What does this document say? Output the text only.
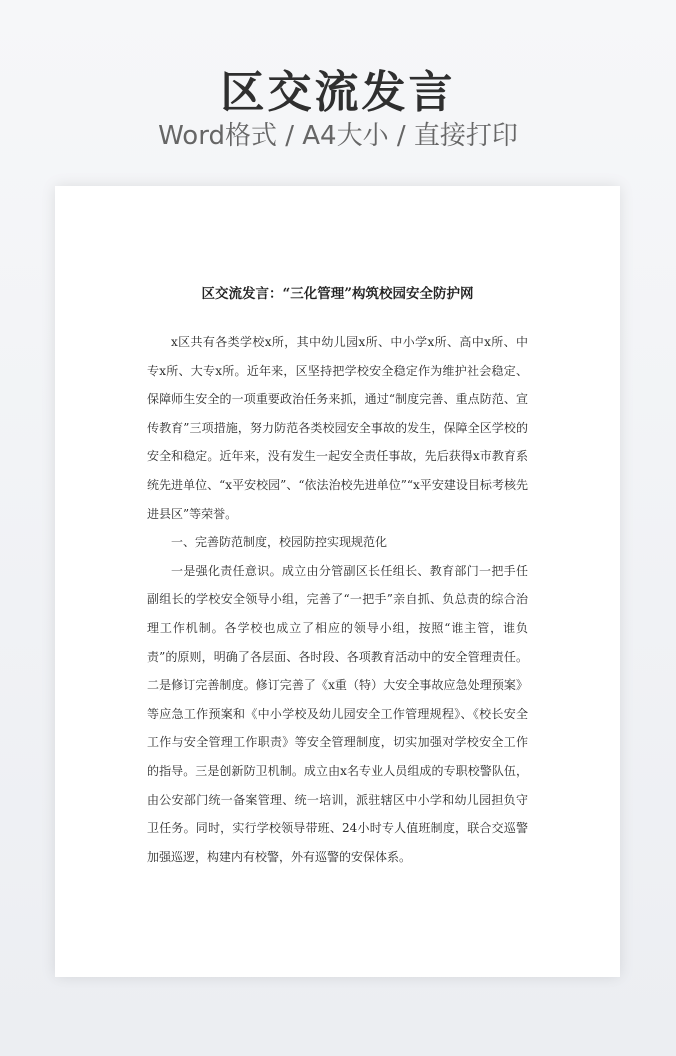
区交流发言
Word格式 / A4大小 / 直接打印
区交流发言：“三化管理”构筑校园安全防护网

x区共有各类学校x所，其中幼儿园x所、中小学x所、高中x所、中专x所、大专x所。近年来，区坚持把学校安全稳定作为维护社会稳定、保障师生安全的一项重要政治任务来抓，通过“制度完善、重点防范、宣传教育”三项措施，努力防范各类校园安全事故的发生，保障全区学校的安全和稳定。近年来，没有发生一起安全责任事故，先后获得x市教育系统先进单位、“x平安校园”、“依法治校先进单位”“x平安建设目标考核先进县区”等荣誉。

一、完善防范制度，校园防控实现规范化

一是强化责任意识。成立由分管副区长任组长、教育部门一把手任副组长的学校安全领导小组，完善了“一把手”亲自抓、负总责的综合治理工作机制。各学校也成立了相应的领导小组，按照“谁主管，谁负责”的原则，明确了各层面、各时段、各项教育活动中的安全管理责任。二是修订完善制度。修订完善了《x重（特）大安全事故应急处理预案》等应急工作预案和《中小学校及幼儿园安全工作管理规程》、《校长安全工作与安全管理工作职责》等安全管理制度，切实加强对学校安全工作的指导。三是创新防卫机制。成立由x名专业人员组成的专职校警队伍，由公安部门统一备案管理、统一培训，派驻辖区中小学和幼儿园担负守卫任务。同时，实行学校领导带班、24小时专人值班制度，联合交巡警加强巡逻，构建内有校警，外有巡警的安保体系。
